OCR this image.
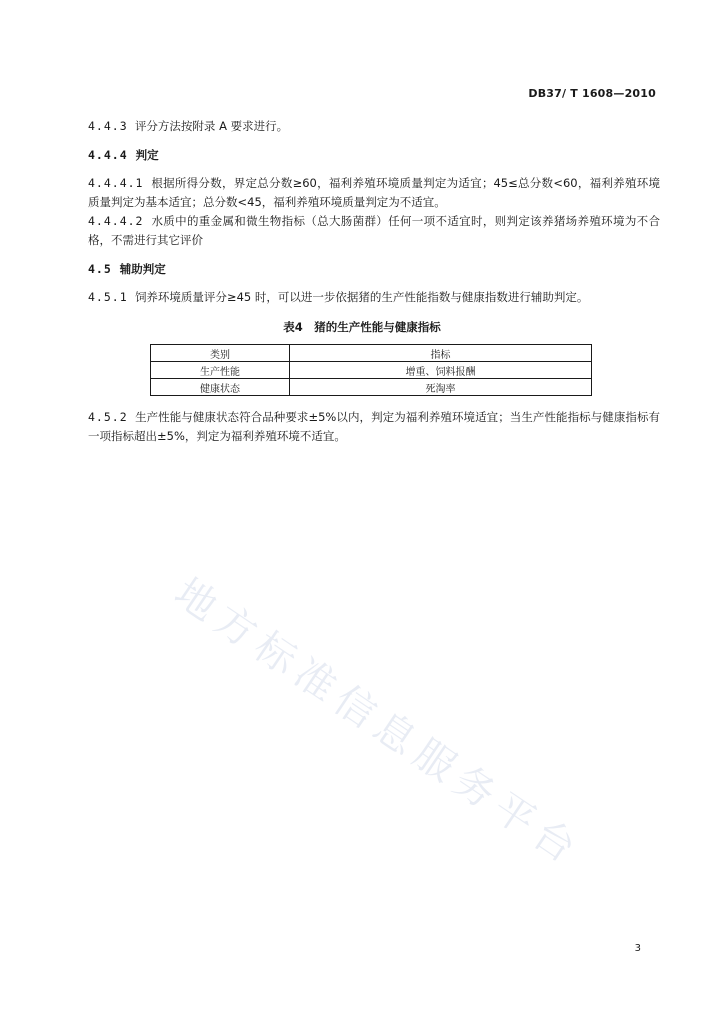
DB37/ T 1608—2010
4.4.3 评分方法按附录 A 要求进行。
4.4.4 判定
4.4.4.1 根据所得分数，界定总分数≥60，福利养殖环境质量判定为适宜；45≤总分数<60，福利养殖环境质量判定为基本适宜；总分数<45，福利养殖环境质量判定为不适宜。
4.4.4.2 水质中的重金属和微生物指标（总大肠菌群）任何一项不适宜时，则判定该养猪场养殖环境为不合格，不需进行其它评价
4.5 辅助判定
4.5.1 饲养环境质量评分≥45 时，可以进一步依据猪的生产性能指数与健康指数进行辅助判定。
表4　猪的生产性能与健康指标
类别	指标
生产性能	增重、饲料报酬
健康状态	死淘率
4.5.2 生产性能与健康状态符合品种要求±5%以内，判定为福利养殖环境适宜；当生产性能指标与健康指标有一项指标超出±5%，判定为福利养殖环境不适宜。
地方标准信息服务平台
3
